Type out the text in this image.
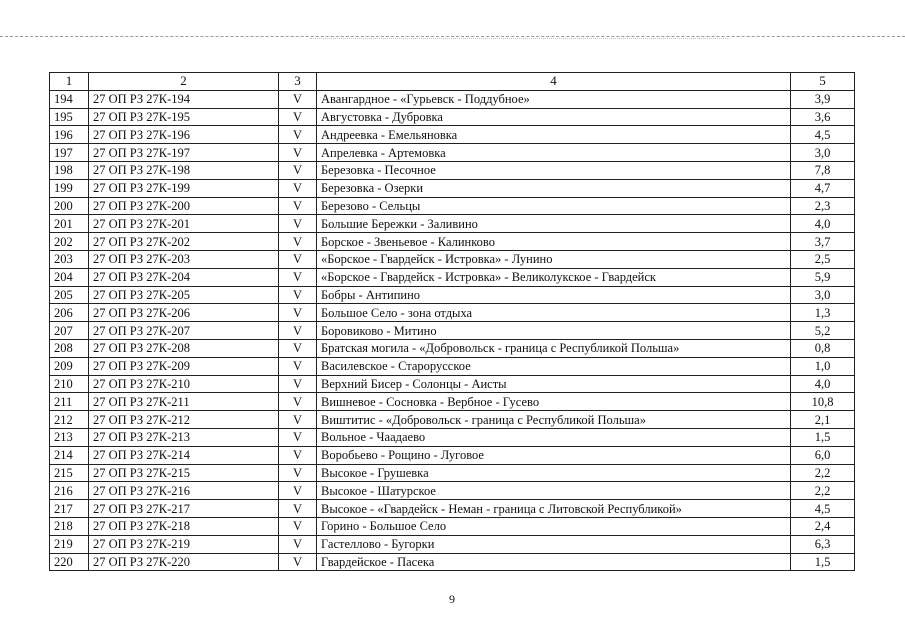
1	2	3	4	5
194	27 ОП РЗ 27К-194	V	Авангардное - «Гурьевск - Поддубное»	3,9
195	27 ОП РЗ 27К-195	V	Августовка - Дубровка	3,6
196	27 ОП РЗ 27К-196	V	Андреевка - Емельяновка	4,5
197	27 ОП РЗ 27К-197	V	Апрелевка - Артемовка	3,0
198	27 ОП РЗ 27К-198	V	Березовка - Песочное	7,8
199	27 ОП РЗ 27К-199	V	Березовка - Озерки	4,7
200	27 ОП РЗ 27К-200	V	Березово - Сельцы	2,3
201	27 ОП РЗ 27К-201	V	Большие Бережки - Заливино	4,0
202	27 ОП РЗ 27К-202	V	Борское - Звеньевое - Калинково	3,7
203	27 ОП РЗ 27К-203	V	«Борское - Гвардейск - Истровка» - Лунино	2,5
204	27 ОП РЗ 27К-204	V	«Борское - Гвардейск - Истровка» - Великолукское - Гвардейск	5,9
205	27 ОП РЗ 27К-205	V	Бобры - Антипино	3,0
206	27 ОП РЗ 27К-206	V	Большое Село - зона отдыха	1,3
207	27 ОП РЗ 27К-207	V	Боровиково - Митино	5,2
208	27 ОП РЗ 27К-208	V	Братская могила - «Добровольск - граница с Республикой Польша»	0,8
209	27 ОП РЗ 27К-209	V	Василевское - Старорусское	1,0
210	27 ОП РЗ 27К-210	V	Верхний Бисер - Солонцы - Аисты	4,0
211	27 ОП РЗ 27К-211	V	Вишневое - Сосновка - Вербное - Гусево	10,8
212	27 ОП РЗ 27К-212	V	Виштитис - «Добровольск - граница с Республикой Польша»	2,1
213	27 ОП РЗ 27К-213	V	Вольное - Чаадаево	1,5
214	27 ОП РЗ 27К-214	V	Воробьево - Рощино - Луговое	6,0
215	27 ОП РЗ 27К-215	V	Высокое - Грушевка	2,2
216	27 ОП РЗ 27К-216	V	Высокое - Шатурское	2,2
217	27 ОП РЗ 27К-217	V	Высокое - «Гвардейск - Неман - граница с Литовской Республикой»	4,5
218	27 ОП РЗ 27К-218	V	Горино - Большое Село	2,4
219	27 ОП РЗ 27К-219	V	Гастеллово - Бугорки	6,3
220	27 ОП РЗ 27К-220	V	Гвардейское - Пасека	1,5
9
